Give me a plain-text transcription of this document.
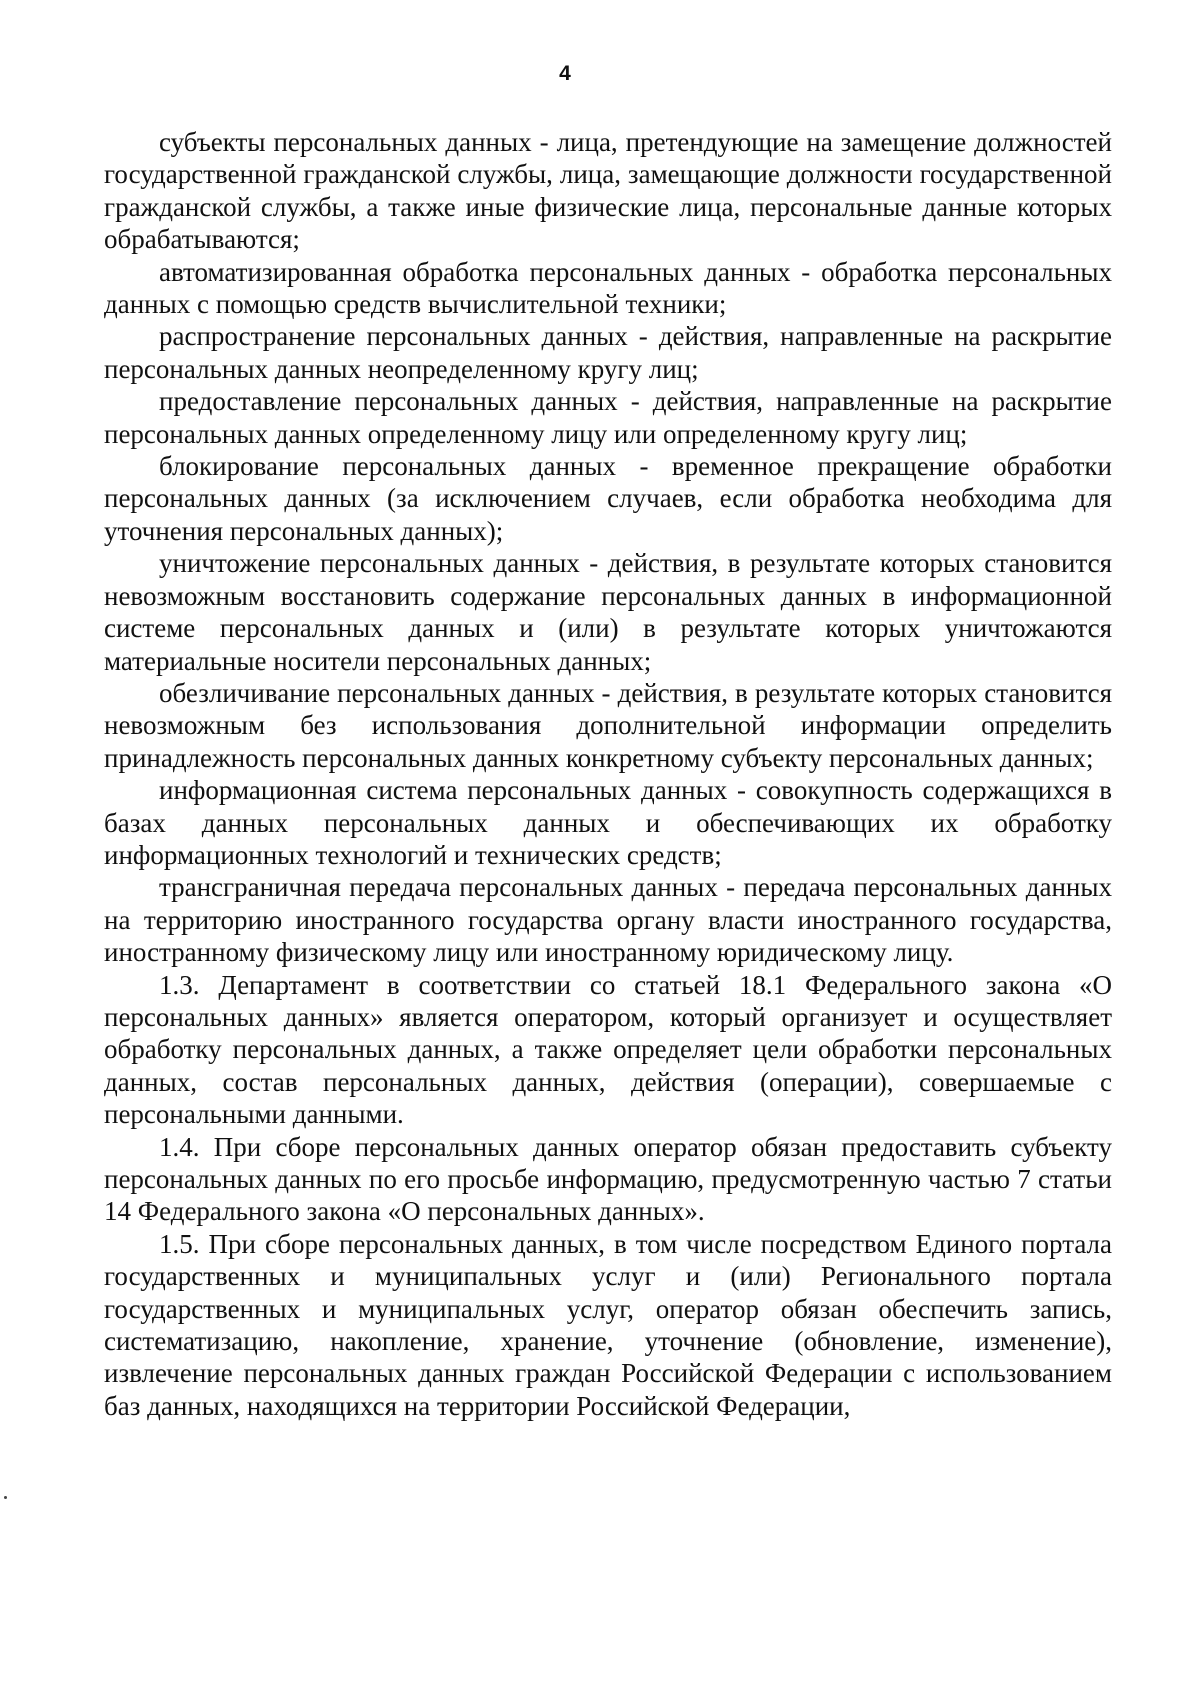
4

субъекты персональных данных - лица, претендующие на замещение должностей государственной гражданской службы, лица, замещающие должности государственной гражданской службы, а также иные физические лица, персональные данные которых обрабатываются;

автоматизированная обработка персональных данных - обработка персональных данных с помощью средств вычислительной техники;

распространение персональных данных - действия, направленные на раскрытие персональных данных неопределенному кругу лиц;

предоставление персональных данных - действия, направленные на раскрытие персональных данных определенному лицу или определенному кругу лиц;

блокирование персональных данных - временное прекращение обработки персональных данных (за исключением случаев, если обработка необходима для уточнения персональных данных);

уничтожение персональных данных - действия, в результате которых становится невозможным восстановить содержание персональных данных в информационной системе персональных данных и (или) в результате которых уничтожаются материальные носители персональных данных;

обезличивание персональных данных - действия, в результате которых становится невозможным без использования дополнительной информации определить принадлежность персональных данных конкретному субъекту персональных данных;

информационная система персональных данных - совокупность содержащихся в базах данных персональных данных и обеспечивающих их обработку информационных технологий и технических средств;

трансграничная передача персональных данных - передача персональных данных на территорию иностранного государства органу власти иностранного государства, иностранному физическому лицу или иностранному юридическому лицу.

1.3. Департамент в соответствии со статьей 18.1 Федерального закона «О персональных данных» является оператором, который организует и осуществляет обработку персональных данных, а также определяет цели обработки персональных данных, состав персональных данных, действия (операции), совершаемые с персональными данными.

1.4. При сборе персональных данных оператор обязан предоставить субъекту персональных данных по его просьбе информацию, предусмотренную частью 7 статьи 14 Федерального закона «О персональных данных».

1.5. При сборе персональных данных, в том числе посредством Единого портала государственных и муниципальных услуг и (или) Регионального портала государственных и муниципальных услуг, оператор обязан обеспечить запись, систематизацию, накопление, хранение, уточнение (обновление, изменение), извлечение персональных данных граждан Российской Федерации с использованием баз данных, находящихся на территории Российской Федерации,
